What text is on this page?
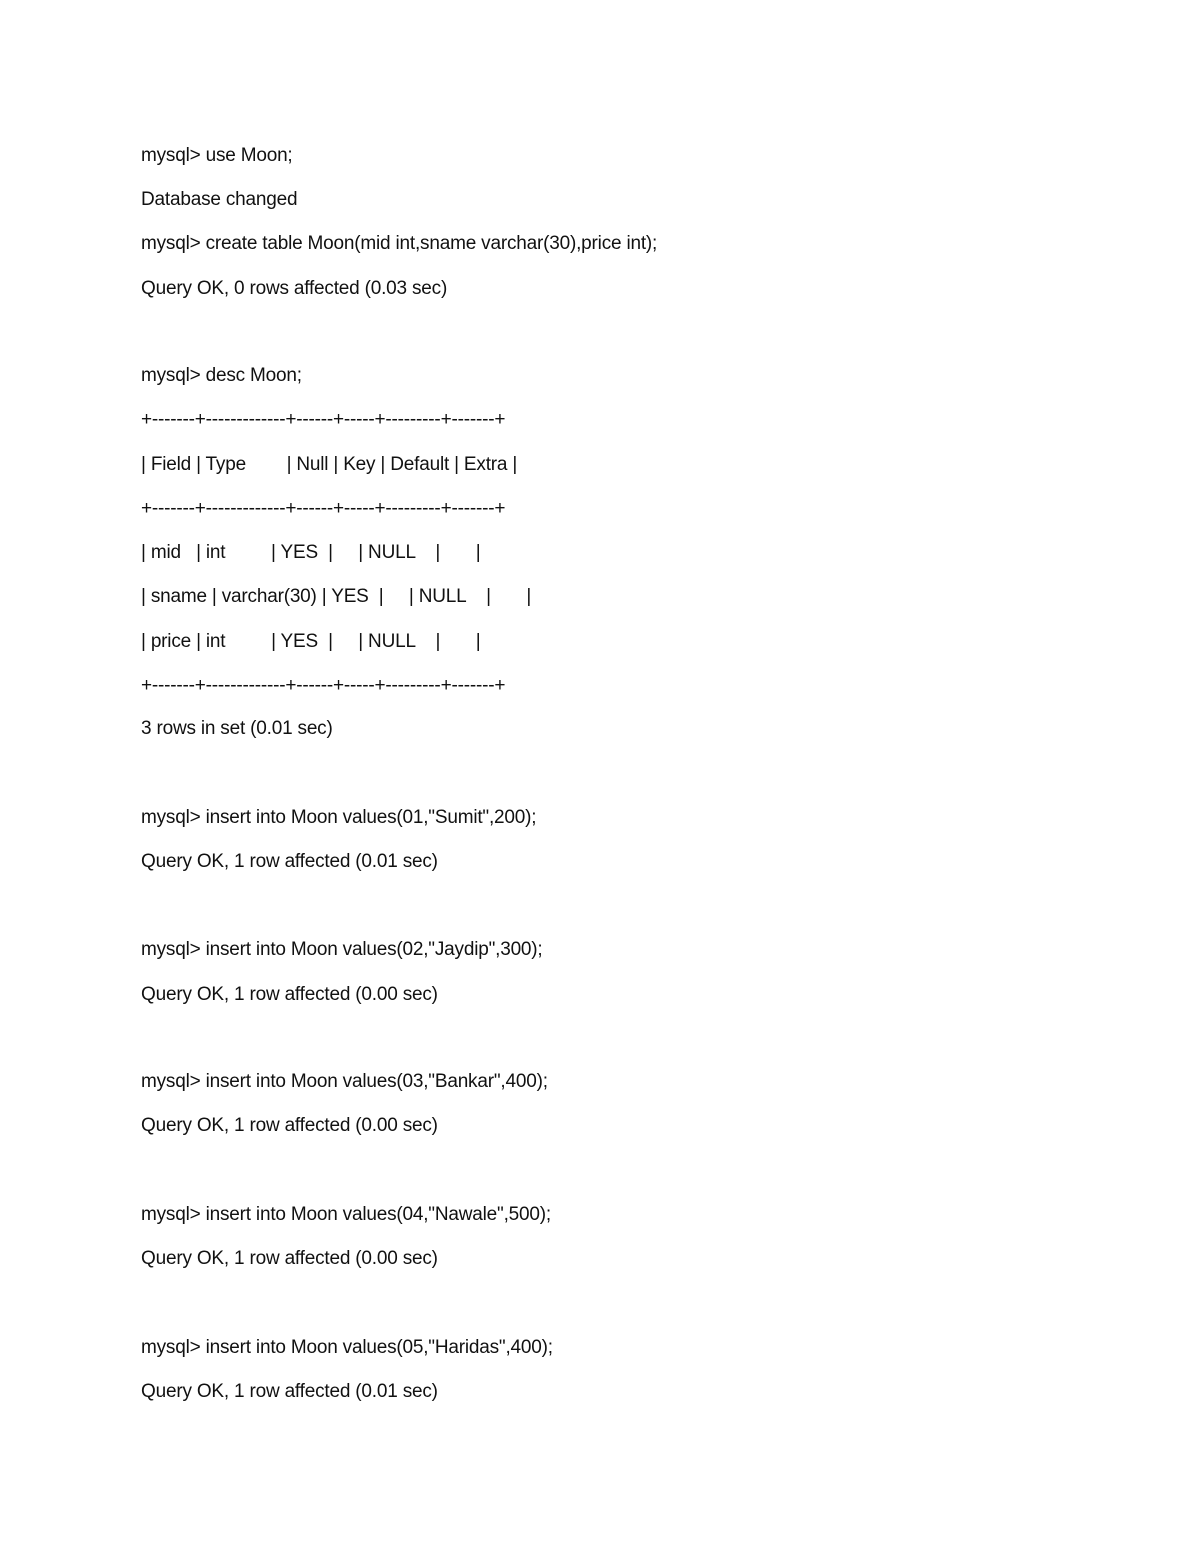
mysql> use Moon;
Database changed
mysql> create table Moon(mid int,sname varchar(30),price int);
Query OK, 0 rows affected (0.03 sec)
mysql> desc Moon;
+-------+-------------+------+-----+---------+-------+
| Field | Type        | Null | Key | Default | Extra |
+-------+-------------+------+-----+---------+-------+
| mid   | int         | YES  |     | NULL    |       |
| sname | varchar(30) | YES  |     | NULL    |       |
| price | int         | YES  |     | NULL    |       |
+-------+-------------+------+-----+---------+-------+
3 rows in set (0.01 sec)
mysql> insert into Moon values(01,"Sumit",200);
Query OK, 1 row affected (0.01 sec)
mysql> insert into Moon values(02,"Jaydip",300);
Query OK, 1 row affected (0.00 sec)
mysql> insert into Moon values(03,"Bankar",400);
Query OK, 1 row affected (0.00 sec)
mysql> insert into Moon values(04,"Nawale",500);
Query OK, 1 row affected (0.00 sec)
mysql> insert into Moon values(05,"Haridas",400);
Query OK, 1 row affected (0.01 sec)
